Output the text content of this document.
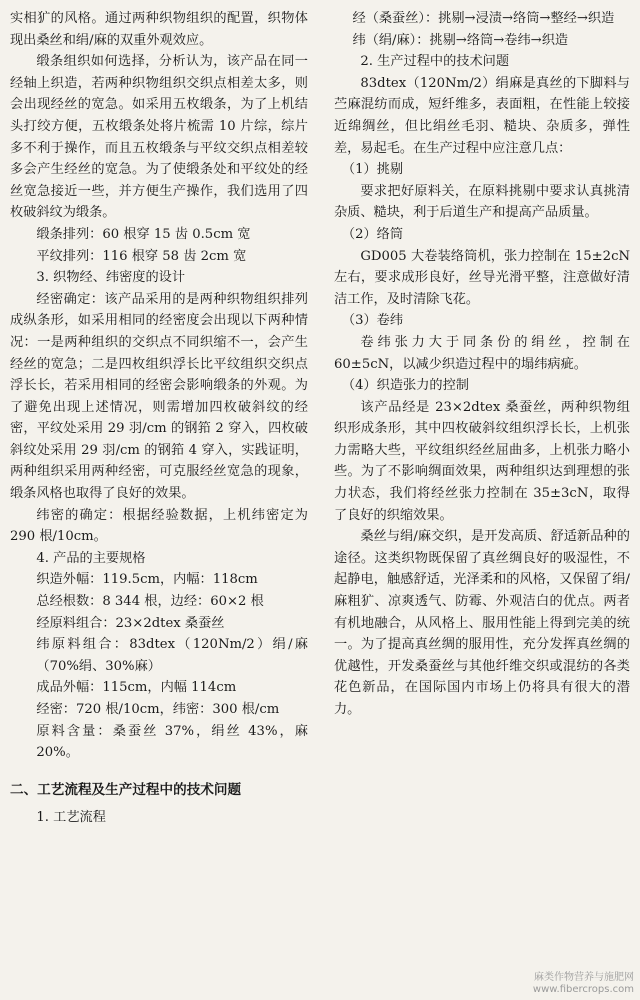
实相犷的风格。通过两种织物组织的配置，织物体现出桑丝和绢/麻的双重外观效应。

缎条组织如何选择，分析认为，该产品在同一经轴上织造，若两种织物组织交织点相差太多，则会出现经丝的宽急。如采用五枚缎条，为了上机结头打绞方便，五枚缎条处将片梳需 10 片综，综片多不利于操作，而且五枚缎条与平纹交织点相差较多会产生经丝的宽急。为了使缎条处和平纹处的经丝宽急接近一些，并方便生产操作，我们选用了四枚破斜纹为缎条。

缎条排列：60 根穿 15 齿 0.5cm 宽

平纹排列：116 根穿 58 齿 2cm 宽

3. 织物经、纬密度的设计

经密确定：该产品采用的是两种织物组织排列成纵条形，如采用相同的经密度会出现以下两种情况：一是两种组织的交织点不同织缩不一，会产生经丝的宽急；二是四枚组织浮长比平纹组织交织点浮长长，若采用相同的经密会影响缎条的外观。为了避免出现上述情况，则需增加四枚破斜纹的经密，平纹处采用 29 羽/cm 的钢筘 2 穿入，四枚破斜纹处采用 29 羽/cm 的钢筘 4 穿入，实践证明，两种组织采用两种经密，可克服经丝宽急的现象，缎条风格也取得了良好的效果。

纬密的确定：根据经验数据，上机纬密定为 290 根/10cm。

4. 产品的主要规格

织造外幅：119.5cm，内幅：118cm

总经根数：8 344 根，边经：60×2 根

经原料组合：23×2dtex 桑蚕丝

纬原料组合：83dtex（120Nm/2）绢/麻（70%绢、30%麻）

成品外幅：115cm，内幅 114cm

经密：720 根/10cm，纬密：300 根/cm

原料含量：桑蚕丝 37%，绢丝 43%，麻 20%。

二、工艺流程及生产过程中的技术问题

1. 工艺流程

经（桑蚕丝）：挑剔→浸渍→络筒→整经→织造

纬（绢/麻）：挑剔→络筒→卷纬→织造

2. 生产过程中的技术问题

83dtex（120Nm/2）绢麻是真丝的下脚料与苎麻混纺而成，短纤维多，表面粗，在性能上较接近绵绸丝，但比绢丝毛羽、糙块、杂质多，弹性差，易起毛。在生产过程中应注意几点：

（1）挑剔

要求把好原料关，在原料挑剔中要求认真挑清杂质、糙块，利于后道生产和提高产品质量。

（2）络筒

GD005 大卷装络筒机，张力控制在 15±2cN 左右，要求成形良好，丝导光滑平整，注意做好清洁工作，及时清除飞花。

（3）卷纬

卷纬张力大于同条份的绢丝，控制在 60±5cN，以减少织造过程中的塌纬病疵。

（4）织造张力的控制

该产品经是 23×2dtex 桑蚕丝，两种织物组织形成条形，其中四枚破斜纹组织浮长长，上机张力需略大些，平纹组织经丝屈曲多，上机张力略小些。为了不影响绸面效果，两种组织达到理想的张力状态，我们将经丝张力控制在 35±3cN，取得了良好的织缩效果。

桑丝与绢/麻交织，是开发高质、舒适新品种的途径。这类织物既保留了真丝绸良好的吸湿性，不起静电，触感舒适，光泽柔和的风格，又保留了绢/麻粗犷、凉爽透气、防霉、外观洁白的优点。两者有机地融合，从风格上、服用性能上得到完美的统一。为了提高真丝绸的服用性，充分发挥真丝绸的优越性，开发桑蚕丝与其他纤维交织或混纺的各类花色新品，在国际国内市场上仍将具有很大的潜力。

麻类作物营养与施肥网
www.fibercrops.com
